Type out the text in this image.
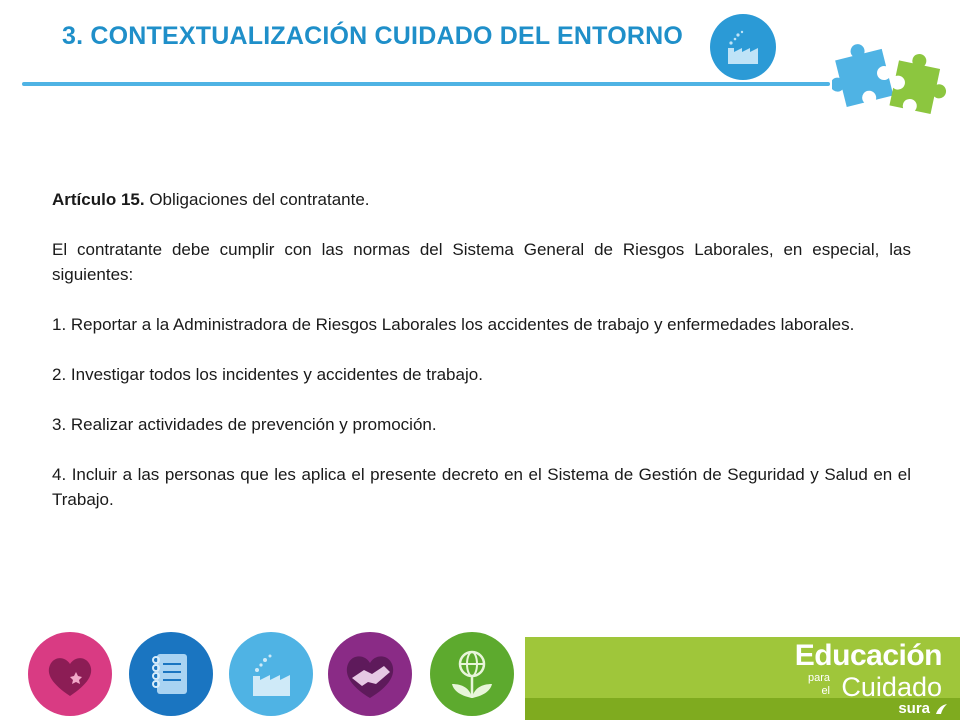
3. CONTEXTUALIZACIÓN CUIDADO DEL ENTORNO

Artículo 15. Obligaciones del contratante.

El contratante debe cumplir con las normas del Sistema General de Riesgos Laborales, en especial, las siguientes:

1. Reportar a la Administradora de Riesgos Laborales los accidentes de trabajo y enfermedades laborales.

2. Investigar todos los incidentes y accidentes de trabajo.

3. Realizar actividades de prevención y promoción.

4. Incluir a las personas que les aplica el presente decreto en el Sistema de Gestión de Seguridad y Salud en el Trabajo.

Educación
para
el Cuidado
sura
